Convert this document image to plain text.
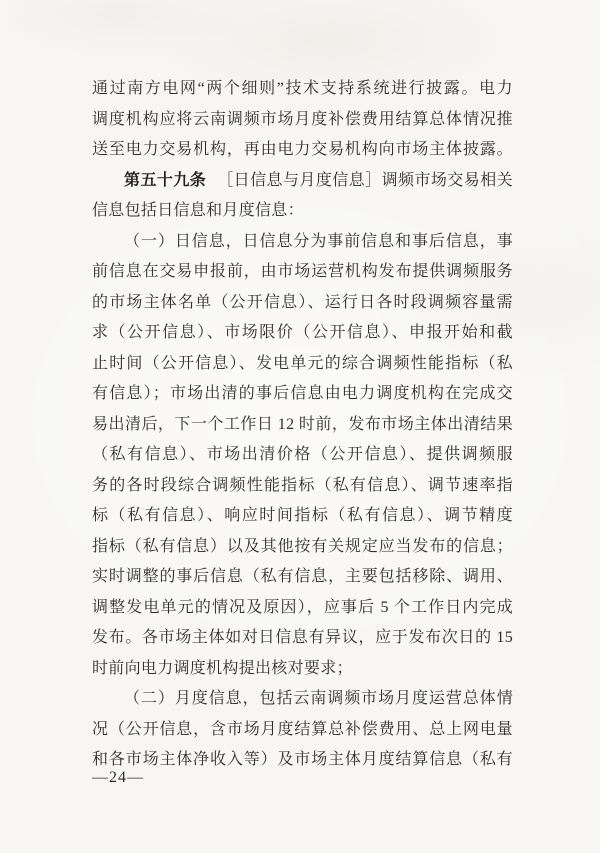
通过南方电网“两个细则”技术支持系统进行披露。电力
调度机构应将云南调频市场月度补偿费用结算总体情况推
送至电力交易机构，再由电力交易机构向市场主体披露。
第五十九条 ［日信息与月度信息］调频市场交易相关
信息包括日信息和月度信息：
（一）日信息，日信息分为事前信息和事后信息，事
前信息在交易申报前，由市场运营机构发布提供调频服务
的市场主体名单（公开信息）、运行日各时段调频容量需
求（公开信息）、市场限价（公开信息）、申报开始和截
止时间（公开信息）、发电单元的综合调频性能指标（私
有信息）；市场出清的事后信息由电力调度机构在完成交
易出清后，下一个工作日 12 时前，发布市场主体出清结果
（私有信息）、市场出清价格（公开信息）、提供调频服
务的各时段综合调频性能指标（私有信息）、调节速率指
标（私有信息）、响应时间指标（私有信息）、调节精度
指标（私有信息）以及其他按有关规定应当发布的信息；
实时调整的事后信息（私有信息，主要包括移除、调用、
调整发电单元的情况及原因），应事后 5 个工作日内完成
发布。各市场主体如对日信息有异议，应于发布次日的 15
时前向电力调度机构提出核对要求；
（二）月度信息，包括云南调频市场月度运营总体情
况（公开信息，含市场月度结算总补偿费用、总上网电量
和各市场主体净收入等）及市场主体月度结算信息（私有
—24—
